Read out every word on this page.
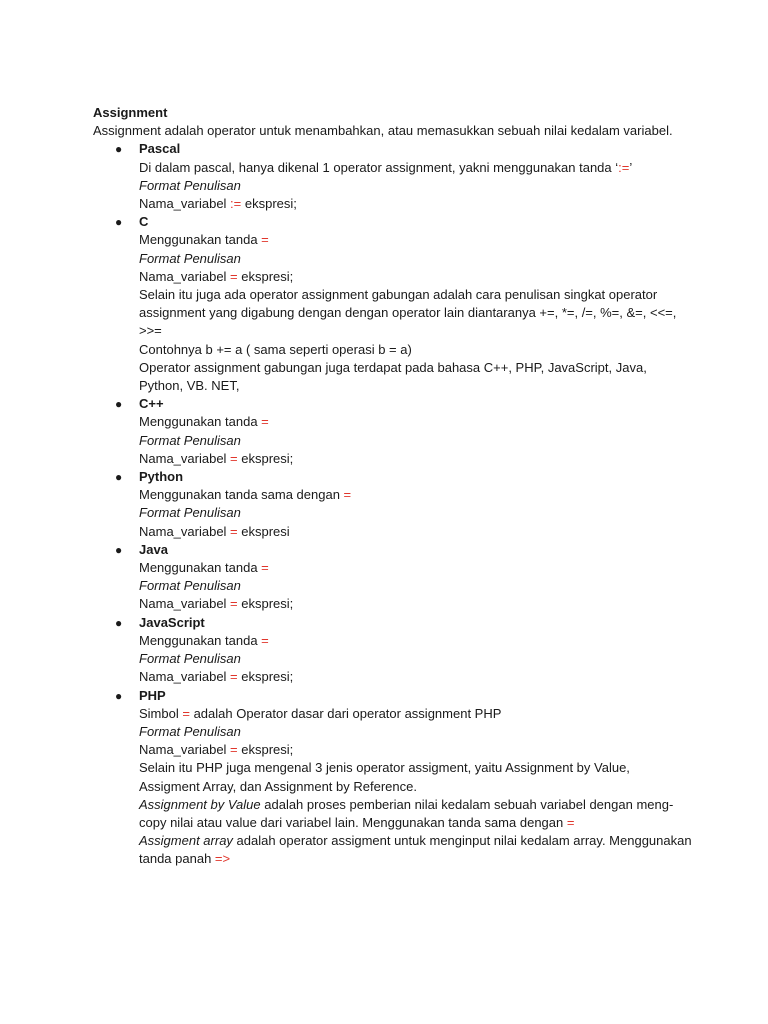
Assignment
Assignment adalah operator untuk menambahkan, atau memasukkan sebuah nilai kedalam variabel.
● Pascal
Di dalam pascal, hanya dikenal 1 operator assignment, yakni menggunakan tanda ‘:=’
Format Penulisan
Nama_variabel := ekspresi;
● C
Menggunakan tanda =
Format Penulisan
Nama_variabel = ekspresi;
Selain itu juga ada operator assignment gabungan adalah cara penulisan singkat operator assignment yang digabung dengan dengan operator lain diantaranya +=, *=, /=, %=, &=, <<=, >>=
Contohnya b += a ( sama seperti operasi b = a)
Operator assignment gabungan juga terdapat pada bahasa C++, PHP, JavaScript, Java, Python, VB. NET,
● C++
Menggunakan tanda =
Format Penulisan
Nama_variabel = ekspresi;
● Python
Menggunakan tanda sama dengan =
Format Penulisan
Nama_variabel = ekspresi
● Java
Menggunakan tanda =
Format Penulisan
Nama_variabel = ekspresi;
● JavaScript
Menggunakan tanda =
Format Penulisan
Nama_variabel = ekspresi;
● PHP
Simbol = adalah Operator dasar dari operator assignment PHP
Format Penulisan
Nama_variabel = ekspresi;
Selain itu PHP juga mengenal 3 jenis operator assigment, yaitu Assignment by Value, Assigment Array, dan Assignment by Reference.
Assignment by Value adalah proses pemberian nilai kedalam sebuah variabel dengan meng-copy nilai atau value dari variabel lain. Menggunakan tanda sama dengan =
Assigment array adalah operator assigment untuk menginput nilai kedalam array. Menggunakan tanda panah =>
